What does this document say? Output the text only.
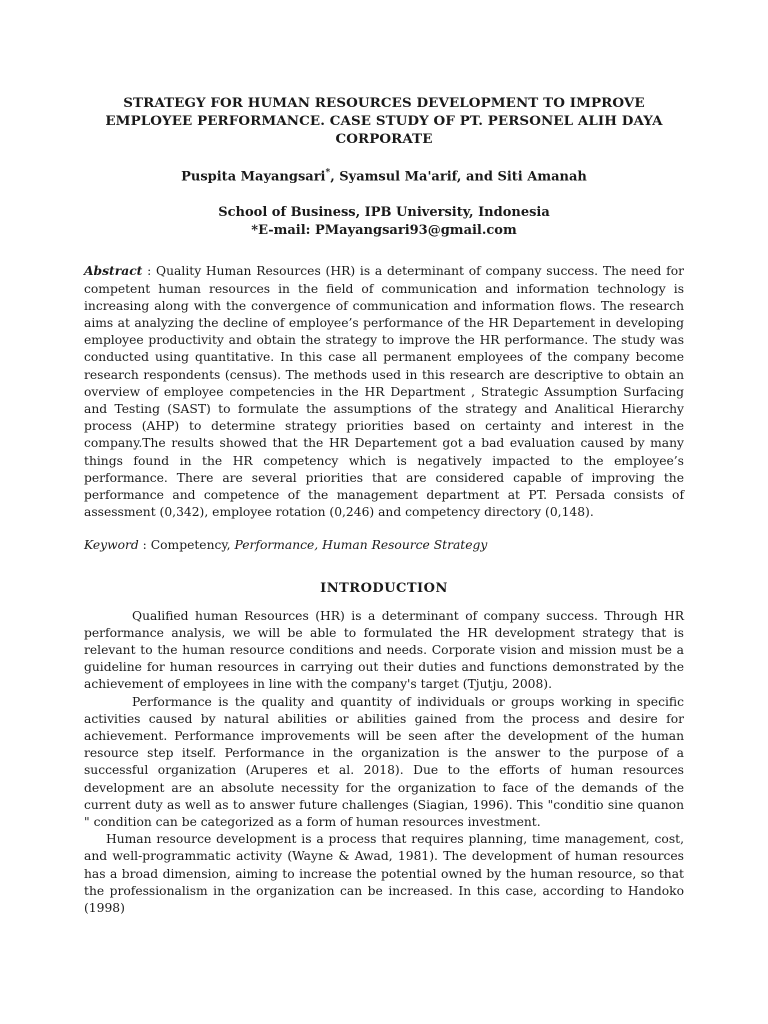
STRATEGY FOR HUMAN RESOURCES DEVELOPMENT TO IMPROVE EMPLOYEE PERFORMANCE. CASE STUDY OF PT. PERSONEL ALIH DAYA CORPORATE
Puspita Mayangsari*, Syamsul Ma'arif, and Siti Amanah
School of Business, IPB University, Indonesia
*E-mail: PMayangsari93@gmail.com

Abstract : Quality Human Resources (HR) is a determinant of company success. The need for competent human resources in the field of communication and information technology is increasing along with the convergence of communication and information flows. The research aims at analyzing the decline of employee’s performance of the HR Departement in developing employee productivity and obtain the strategy to improve the HR performance. The study was conducted using quantitative. In this case all permanent employees of the company become research respondents (census). The methods used in this research are descriptive to obtain an overview of employee competencies in the HR Department , Strategic Assumption Surfacing and Testing (SAST) to formulate the assumptions of the strategy and Analitical Hierarchy process (AHP) to determine strategy priorities based on certainty and interest in the company.The results showed that the HR Departement got a bad evaluation caused by many things found in the HR competency which is negatively impacted to the employee’s performance. There are several priorities that are considered capable of improving the performance and competence of the management department at PT. Persada consists of assessment (0,342), employee rotation (0,246) and competency directory (0,148).

Keyword : Competency, Performance, Human Resource Strategy

INTRODUCTION

Qualified human Resources (HR) is a determinant of company success. Through HR performance analysis, we will be able to formulated the HR development strategy that is relevant to the human resource conditions and needs. Corporate vision and mission must be a guideline for human resources in carrying out their duties and functions demonstrated by the achievement of employees in line with the company's target (Tjutju, 2008).

Performance is the quality and quantity of individuals or groups working in specific activities caused by natural abilities or abilities gained from the process and desire for achievement. Performance improvements will be seen after the development of the human resource step itself. Performance in the organization is the answer to the purpose of a successful organization (Aruperes et al. 2018). Due to the efforts of human resources development are an absolute necessity for the organization to face of the demands of the current duty as well as to answer future challenges (Siagian, 1996). This "conditio sine quanon " condition can be categorized as a form of human resources investment.

Human resource development is a process that requires planning, time management, cost, and well-programmatic activity (Wayne & Awad, 1981). The development of human resources has a broad dimension, aiming to increase the potential owned by the human resource, so that the professionalism in the organization can be increased. In this case, according to Handoko (1998)
